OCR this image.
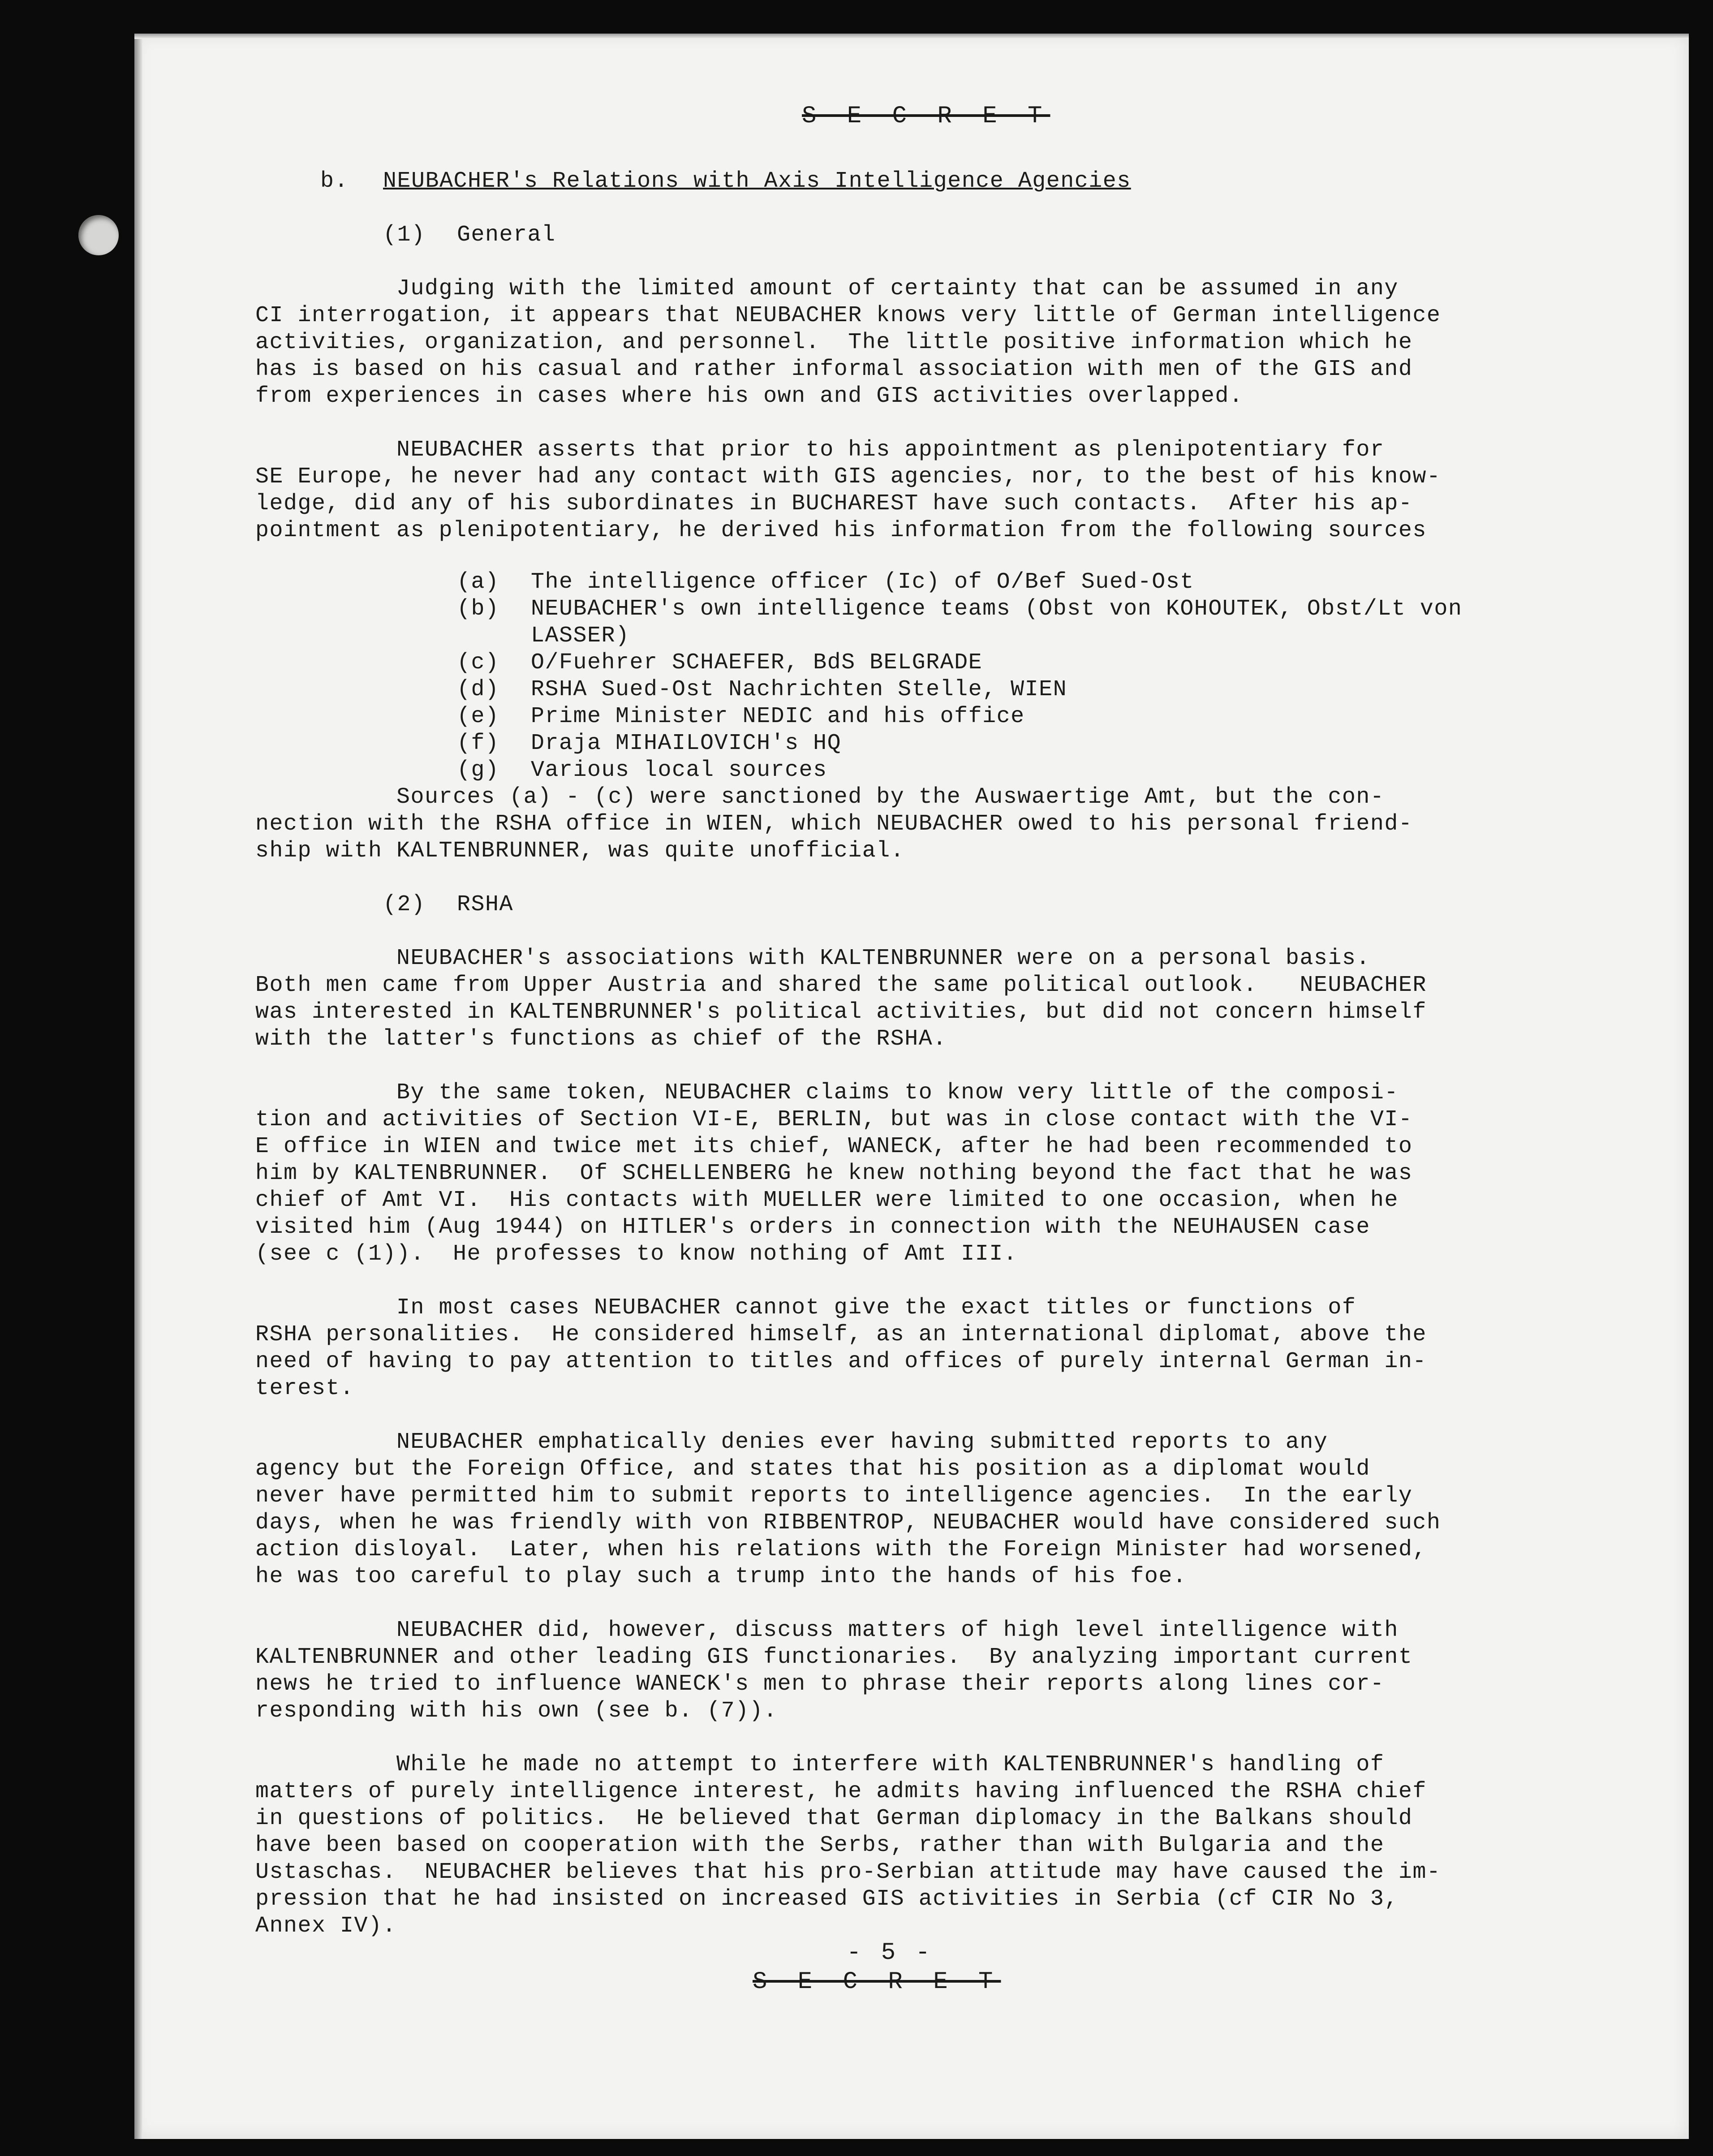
S E C R E T
b. NEUBACHER's Relations with Axis Intelligence Agencies
(1) General
Judging with the limited amount of certainty that can be assumed in any
CI interrogation, it appears that NEUBACHER knows very little of German intelligence
activities, organization, and personnel.  The little positive information which he
has is based on his casual and rather informal association with men of the GIS and
from experiences in cases where his own and GIS activities overlapped.
NEUBACHER asserts that prior to his appointment as plenipotentiary for
SE Europe, he never had any contact with GIS agencies, nor, to the best of his know-
ledge, did any of his subordinates in BUCHAREST have such contacts.  After his ap-
pointment as plenipotentiary, he derived his information from the following sources
(a) The intelligence officer (Ic) of O/Bef Sued-Ost
(b) NEUBACHER's own intelligence teams (Obst von KOHOUTEK, Obst/Lt von
LASSER)
(c) O/Fuehrer SCHAEFER, BdS BELGRADE
(d) RSHA Sued-Ost Nachrichten Stelle, WIEN
(e) Prime Minister NEDIC and his office
(f) Draja MIHAILOVICH's HQ
(g) Various local sources
Sources (a) - (c) were sanctioned by the Auswaertige Amt, but the con-
nection with the RSHA office in WIEN, which NEUBACHER owed to his personal friend-
ship with KALTENBRUNNER, was quite unofficial.
(2) RSHA
NEUBACHER's associations with KALTENBRUNNER were on a personal basis.
Both men came from Upper Austria and shared the same political outlook.   NEUBACHER
was interested in KALTENBRUNNER's political activities, but did not concern himself
with the latter's functions as chief of the RSHA.
By the same token, NEUBACHER claims to know very little of the composi-
tion and activities of Section VI-E, BERLIN, but was in close contact with the VI-
E office in WIEN and twice met its chief, WANECK, after he had been recommended to
him by KALTENBRUNNER.  Of SCHELLENBERG he knew nothing beyond the fact that he was
chief of Amt VI.  His contacts with MUELLER were limited to one occasion, when he
visited him (Aug 1944) on HITLER's orders in connection with the NEUHAUSEN case
(see c (1)).  He professes to know nothing of Amt III.
In most cases NEUBACHER cannot give the exact titles or functions of
RSHA personalities.  He considered himself, as an international diplomat, above the
need of having to pay attention to titles and offices of purely internal German in-
terest.
NEUBACHER emphatically denies ever having submitted reports to any
agency but the Foreign Office, and states that his position as a diplomat would
never have permitted him to submit reports to intelligence agencies.  In the early
days, when he was friendly with von RIBBENTROP, NEUBACHER would have considered such
action disloyal.  Later, when his relations with the Foreign Minister had worsened,
he was too careful to play such a trump into the hands of his foe.
NEUBACHER did, however, discuss matters of high level intelligence with
KALTENBRUNNER and other leading GIS functionaries.  By analyzing important current
news he tried to influence WANECK's men to phrase their reports along lines cor-
responding with his own (see b. (7)).
While he made no attempt to interfere with KALTENBRUNNER's handling of
matters of purely intelligence interest, he admits having influenced the RSHA chief
in questions of politics.  He believed that German diplomacy in the Balkans should
have been based on cooperation with the Serbs, rather than with Bulgaria and the
Ustaschas.  NEUBACHER believes that his pro-Serbian attitude may have caused the im-
pression that he had insisted on increased GIS activities in Serbia (cf CIR No 3,
Annex IV).
- 5 -
S E C R E T
